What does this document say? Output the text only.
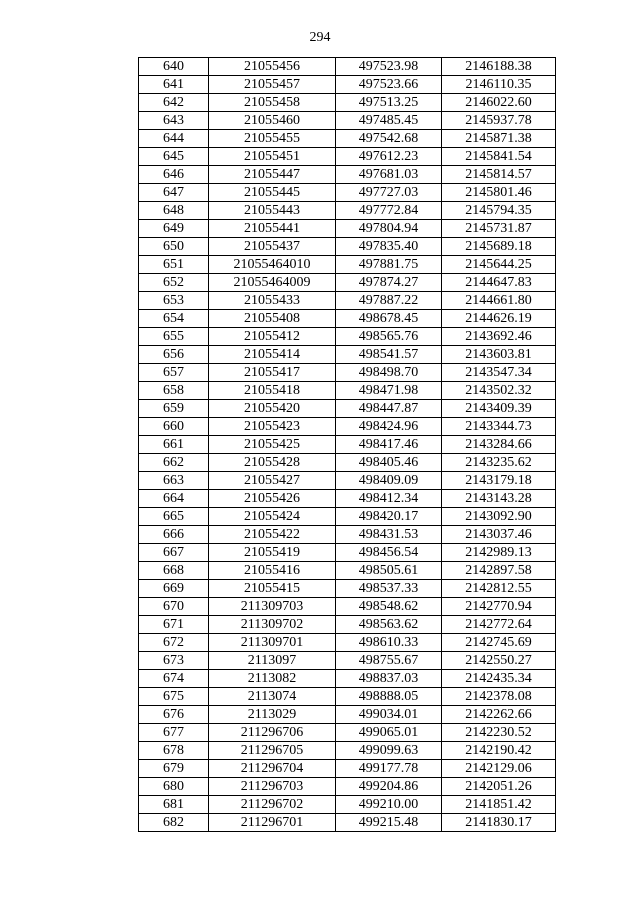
294
640	21055456	497523.98	2146188.38
641	21055457	497523.66	2146110.35
642	21055458	497513.25	2146022.60
643	21055460	497485.45	2145937.78
644	21055455	497542.68	2145871.38
645	21055451	497612.23	2145841.54
646	21055447	497681.03	2145814.57
647	21055445	497727.03	2145801.46
648	21055443	497772.84	2145794.35
649	21055441	497804.94	2145731.87
650	21055437	497835.40	2145689.18
651	21055464010	497881.75	2145644.25
652	21055464009	497874.27	2144647.83
653	21055433	497887.22	2144661.80
654	21055408	498678.45	2144626.19
655	21055412	498565.76	2143692.46
656	21055414	498541.57	2143603.81
657	21055417	498498.70	2143547.34
658	21055418	498471.98	2143502.32
659	21055420	498447.87	2143409.39
660	21055423	498424.96	2143344.73
661	21055425	498417.46	2143284.66
662	21055428	498405.46	2143235.62
663	21055427	498409.09	2143179.18
664	21055426	498412.34	2143143.28
665	21055424	498420.17	2143092.90
666	21055422	498431.53	2143037.46
667	21055419	498456.54	2142989.13
668	21055416	498505.61	2142897.58
669	21055415	498537.33	2142812.55
670	211309703	498548.62	2142770.94
671	211309702	498563.62	2142772.64
672	211309701	498610.33	2142745.69
673	2113097	498755.67	2142550.27
674	2113082	498837.03	2142435.34
675	2113074	498888.05	2142378.08
676	2113029	499034.01	2142262.66
677	211296706	499065.01	2142230.52
678	211296705	499099.63	2142190.42
679	211296704	499177.78	2142129.06
680	211296703	499204.86	2142051.26
681	211296702	499210.00	2141851.42
682	211296701	499215.48	2141830.17
